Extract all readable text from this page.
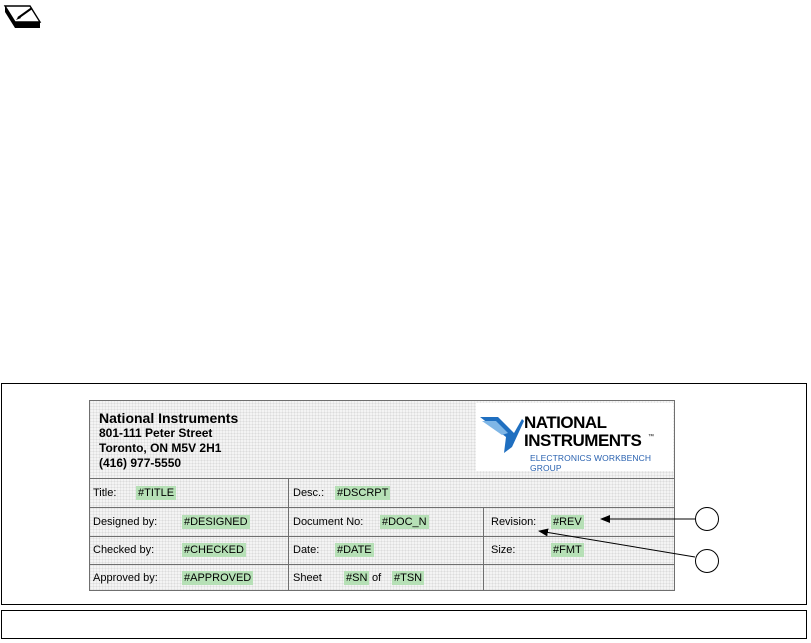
National Instruments
801-111 Peter Street
Toronto, ON M5V 2H1
(416) 977-5550
NATIONAL
INSTRUMENTS ™
ELECTRONICS WORKBENCH GROUP
Title: #TITLE	Desc.: #DSCRPT
Designed by: #DESIGNED	Document No: #DOC_N	Revision: #REV
Checked by:	#CHECKED	Date: #DATE	Size:	#FMT
Approved by: #APPROVED	Sheet #SN of #TSN
